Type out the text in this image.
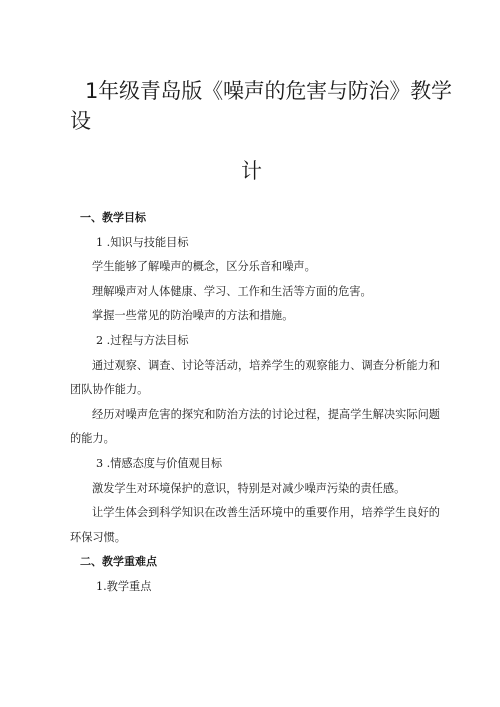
1年级青岛版《噪声的危害与防治》教学
设
计

一、教学目标

1 .知识与技能目标

学生能够了解噪声的概念，区分乐音和噪声。

理解噪声对人体健康、学习、工作和生活等方面的危害。

掌握一些常见的防治噪声的方法和措施。

2 .过程与方法目标

通过观察、调查、讨论等活动，培养学生的观察能力、调查分析能力和团队协作能力。

经历对噪声危害的探究和防治方法的讨论过程，提高学生解决实际问题的能力。

3 .情感态度与价值观目标

激发学生对环境保护的意识，特别是对减少噪声污染的责任感。

让学生体会到科学知识在改善生活环境中的重要作用，培养学生良好的环保习惯。

二、教学重难点

1.教学重点
